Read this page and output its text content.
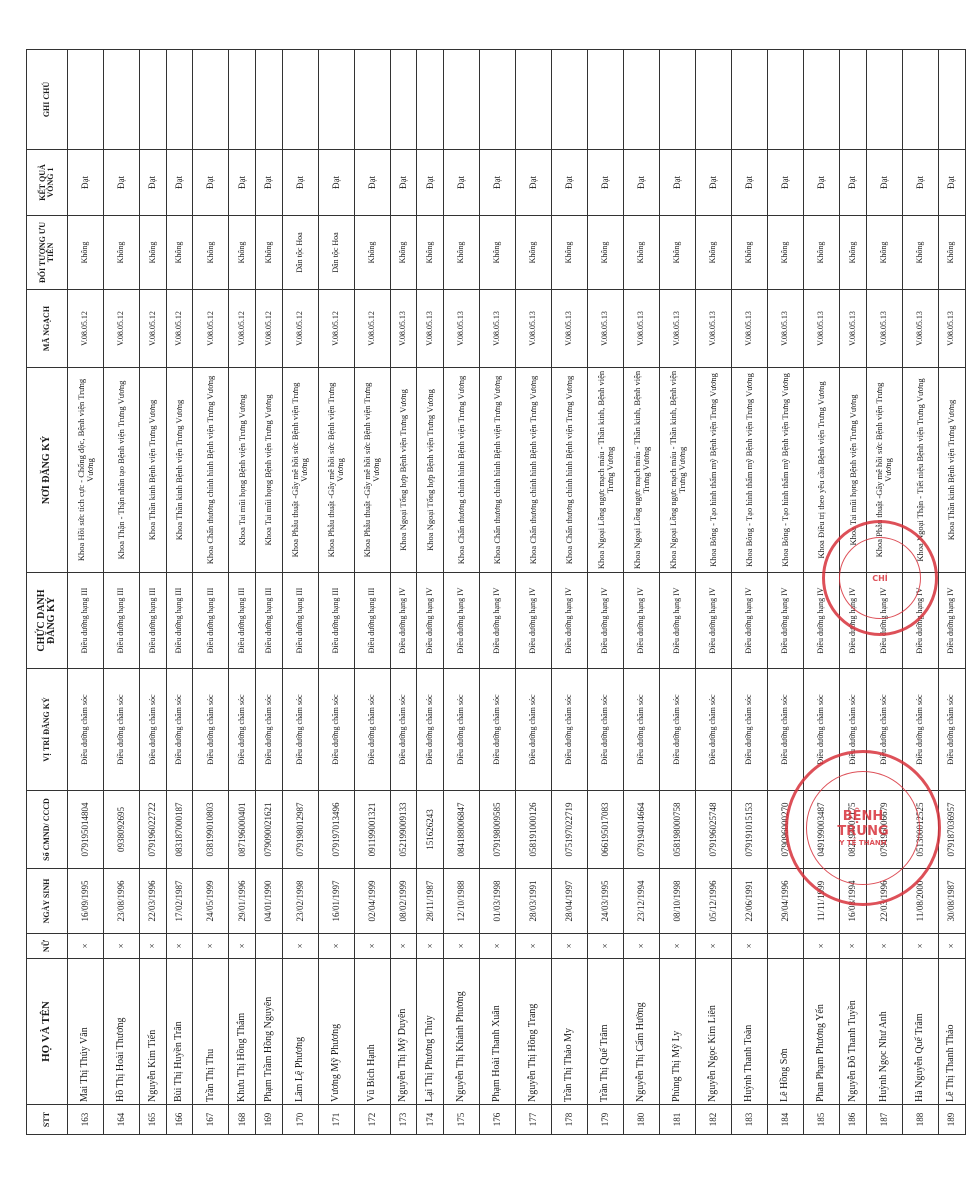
STT	HỌ VÀ TÊN	NỮ	NGÀY SINH	Số CMND/ CCCD	VỊ TRÍ ĐĂNG KÝ	CHỨC DANH ĐĂNG KÝ	NƠI ĐĂNG KÝ	MÃ NGẠCH	ĐỐI TƯỢNG ƯU TIÊN	KẾT QUẢ VÒNG 1	GHI CHÚ
163	Mai Thị Thúy Vân	×	16/09/1995	079195014804	Điều dưỡng chăm sóc	Điều dưỡng hạng III	Khoa Hồi sức tích cực - Chống độc, Bệnh viện Trưng Vương	V.08.05.12	Không	Đạt	
164	Hồ Thị Hoài Thương	×	23/08/1996	0938092695	Điều dưỡng chăm sóc	Điều dưỡng hạng III	Khoa Thận - Thận nhân tạo Bệnh viện Trưng Vương	V.08.05.12	Không	Đạt	
165	Nguyễn Kim Tiến	×	22/03/1996	079196022722	Điều dưỡng chăm sóc	Điều dưỡng hạng III	Khoa Thần kinh Bệnh viện Trưng Vương	V.08.05.12	Không	Đạt	
166	Bùi Thị Huyền Trân	×	17/02/1987	083187000187	Điều dưỡng chăm sóc	Điều dưỡng hạng III	Khoa Thần kinh Bệnh viện Trưng Vương	V.08.05.12	Không	Đạt	
167	Trần Thị Thu	×	24/05/1999	038199010803	Điều dưỡng chăm sóc	Điều dưỡng hạng III	Khoa Chấn thương chỉnh hình Bệnh viện Trưng Vương	V.08.05.12	Không	Đạt	
168	Khưu Thị Hồng Thắm	×	29/01/1996	087196000401	Điều dưỡng chăm sóc	Điều dưỡng hạng III	Khoa Tai mũi họng Bệnh viện Trưng Vương	V.08.05.12	Không	Đạt	
169	Phạm Trầm Hồng Nguyên		04/01/1990	079090021621	Điều dưỡng chăm sóc	Điều dưỡng hạng III	Khoa Tai mũi họng Bệnh viện Trưng Vương	V.08.05.12	Không	Đạt	
170	Lâm Lệ Phương	×	23/02/1998	079198012987	Điều dưỡng chăm sóc	Điều dưỡng hạng III	Khoa Phẫu thuật -Gây mê hồi sức Bệnh viện Trưng Vương	V.08.05.12	Dân tộc Hoa	Đạt	
171	Vương Mỹ Phương	×	16/01/1997	079197013496	Điều dưỡng chăm sóc	Điều dưỡng hạng III	Khoa Phẫu thuật -Gây mê hồi sức Bệnh viện Trưng Vương	V.08.05.12	Dân tộc Hoa	Đạt	
172	Vũ Bích Hạnh	×	02/04/1999	091199001321	Điều dưỡng chăm sóc	Điều dưỡng hạng III	Khoa Phẫu thuật -Gây mê hồi sức Bệnh viện Trưng Vương	V.08.05.12	Không	Đạt	
173	Nguyễn Thị Mỹ Duyên	×	08/02/1999	052199009133	Điều dưỡng chăm sóc	Điều dưỡng hạng IV	Khoa Ngoại Tổng hợp Bệnh viện Trưng Vương	V.08.05.13	Không	Đạt	
174	Lại Thị Phương Thủy	×	28/11/1987	151626243	Điều dưỡng chăm sóc	Điều dưỡng hạng IV	Khoa Ngoại Tổng hợp Bệnh viện Trưng Vương	V.08.05.13	Không	Đạt	
175	Nguyễn Thị Khánh Phương	×	12/10/1988	084188006847	Điều dưỡng chăm sóc	Điều dưỡng hạng IV	Khoa Chấn thương chỉnh hình Bệnh viện Trưng Vương	V.08.05.13	Không	Đạt	
176	Phạm Hoài Thanh Xuân	×	01/03/1998	079198009585	Điều dưỡng chăm sóc	Điều dưỡng hạng IV	Khoa Chấn thương chỉnh hình Bệnh viện Trưng Vương	V.08.05.13	Không	Đạt	
177	Nguyễn Thị Hồng Trang	×	28/03/1991	058191000126	Điều dưỡng chăm sóc	Điều dưỡng hạng IV	Khoa Chấn thương chỉnh hình Bệnh viện Trưng Vương	V.08.05.13	Không	Đạt	
178	Trần Thị Thảo My	×	28/04/1997	075197022719	Điều dưỡng chăm sóc	Điều dưỡng hạng IV	Khoa Chấn thương chỉnh hình Bệnh viện Trưng Vương	V.08.05.13	Không	Đạt	
179	Trần Thị Quế Trâm	×	24/03/1995	066195017083	Điều dưỡng chăm sóc	Điều dưỡng hạng IV	Khoa Ngoại Lồng ngực mạch máu - Thần kinh, Bệnh viện Trưng Vương	V.08.05.13	Không	Đạt	
180	Nguyễn Thị Cẩm Hường	×	23/12/1994	079194014664	Điều dưỡng chăm sóc	Điều dưỡng hạng IV	Khoa Ngoại Lồng ngực mạch máu - Thần kinh, Bệnh viện Trưng Vương	V.08.05.13	Không	Đạt	
181	Phùng Thị Mỹ Ly	×	08/10/1998	058198000758	Điều dưỡng chăm sóc	Điều dưỡng hạng IV	Khoa Ngoại Lồng ngực mạch máu - Thần kinh, Bệnh viện Trưng Vương	V.08.05.13	Không	Đạt	
182	Nguyễn Ngọc Kim Liên	×	05/12/1996	079196025748	Điều dưỡng chăm sóc	Điều dưỡng hạng IV	Khoa Bỏng - Tạo hình thẩm mỹ Bệnh viện Trưng Vương	V.08.05.13	Không	Đạt	
183	Huỳnh Thanh Toàn	×	22/06/1991	079191015153	Điều dưỡng chăm sóc	Điều dưỡng hạng IV	Khoa Bỏng - Tạo hình thẩm mỹ Bệnh viện Trưng Vương	V.08.05.13	Không	Đạt	
184	Lê Hồng Sơn		29/04/1996	079096000270	Điều dưỡng chăm sóc	Điều dưỡng hạng IV	Khoa Bỏng - Tạo hình thẩm mỹ Bệnh viện Trưng Vương	V.08.05.13	Không	Đạt	
185	Phan Phạm Phương Yến	×	11/11/1999	049199003487	Điều dưỡng chăm sóc	Điều dưỡng hạng IV	Khoa Điều trị theo yêu cầu Bệnh viện Trưng Vương	V.08.05.13	Không	Đạt	
186	Nguyễn Đỗ Thanh Tuyền	×	16/08/1994	082194002175	Điều dưỡng chăm sóc	Điều dưỡng hạng IV	Khoa Tai mũi họng Bệnh viện Trưng Vương	V.08.05.13	Không	Đạt	
187	Huỳnh Ngọc Như Anh	×	22/03/1996	079196006679	Điều dưỡng chăm sóc	Điều dưỡng hạng IV	Khoa Phẫu thuật -Gây mê hồi sức Bệnh viện Trưng Vương	V.08.05.13	Không	Đạt	
188	Hà Nguyễn Quế Trâm	×	11/08/2000	051300012525	Điều dưỡng chăm sóc	Điều dưỡng hạng IV	Khoa Ngoại Thận - Tiết niệu Bệnh viện Trưng Vương	V.08.05.13	Không	Đạt	
189	Lê Thị Thanh Thảo	×	30/08/1987	079187036957	Điều dưỡng chăm sóc	Điều dưỡng hạng IV	Khoa Thần kinh Bệnh viện Trưng Vương	V.08.05.13	Không	Đạt	
CHÍ
BỆNH
TRƯNG
Y TẾ THÀNH
